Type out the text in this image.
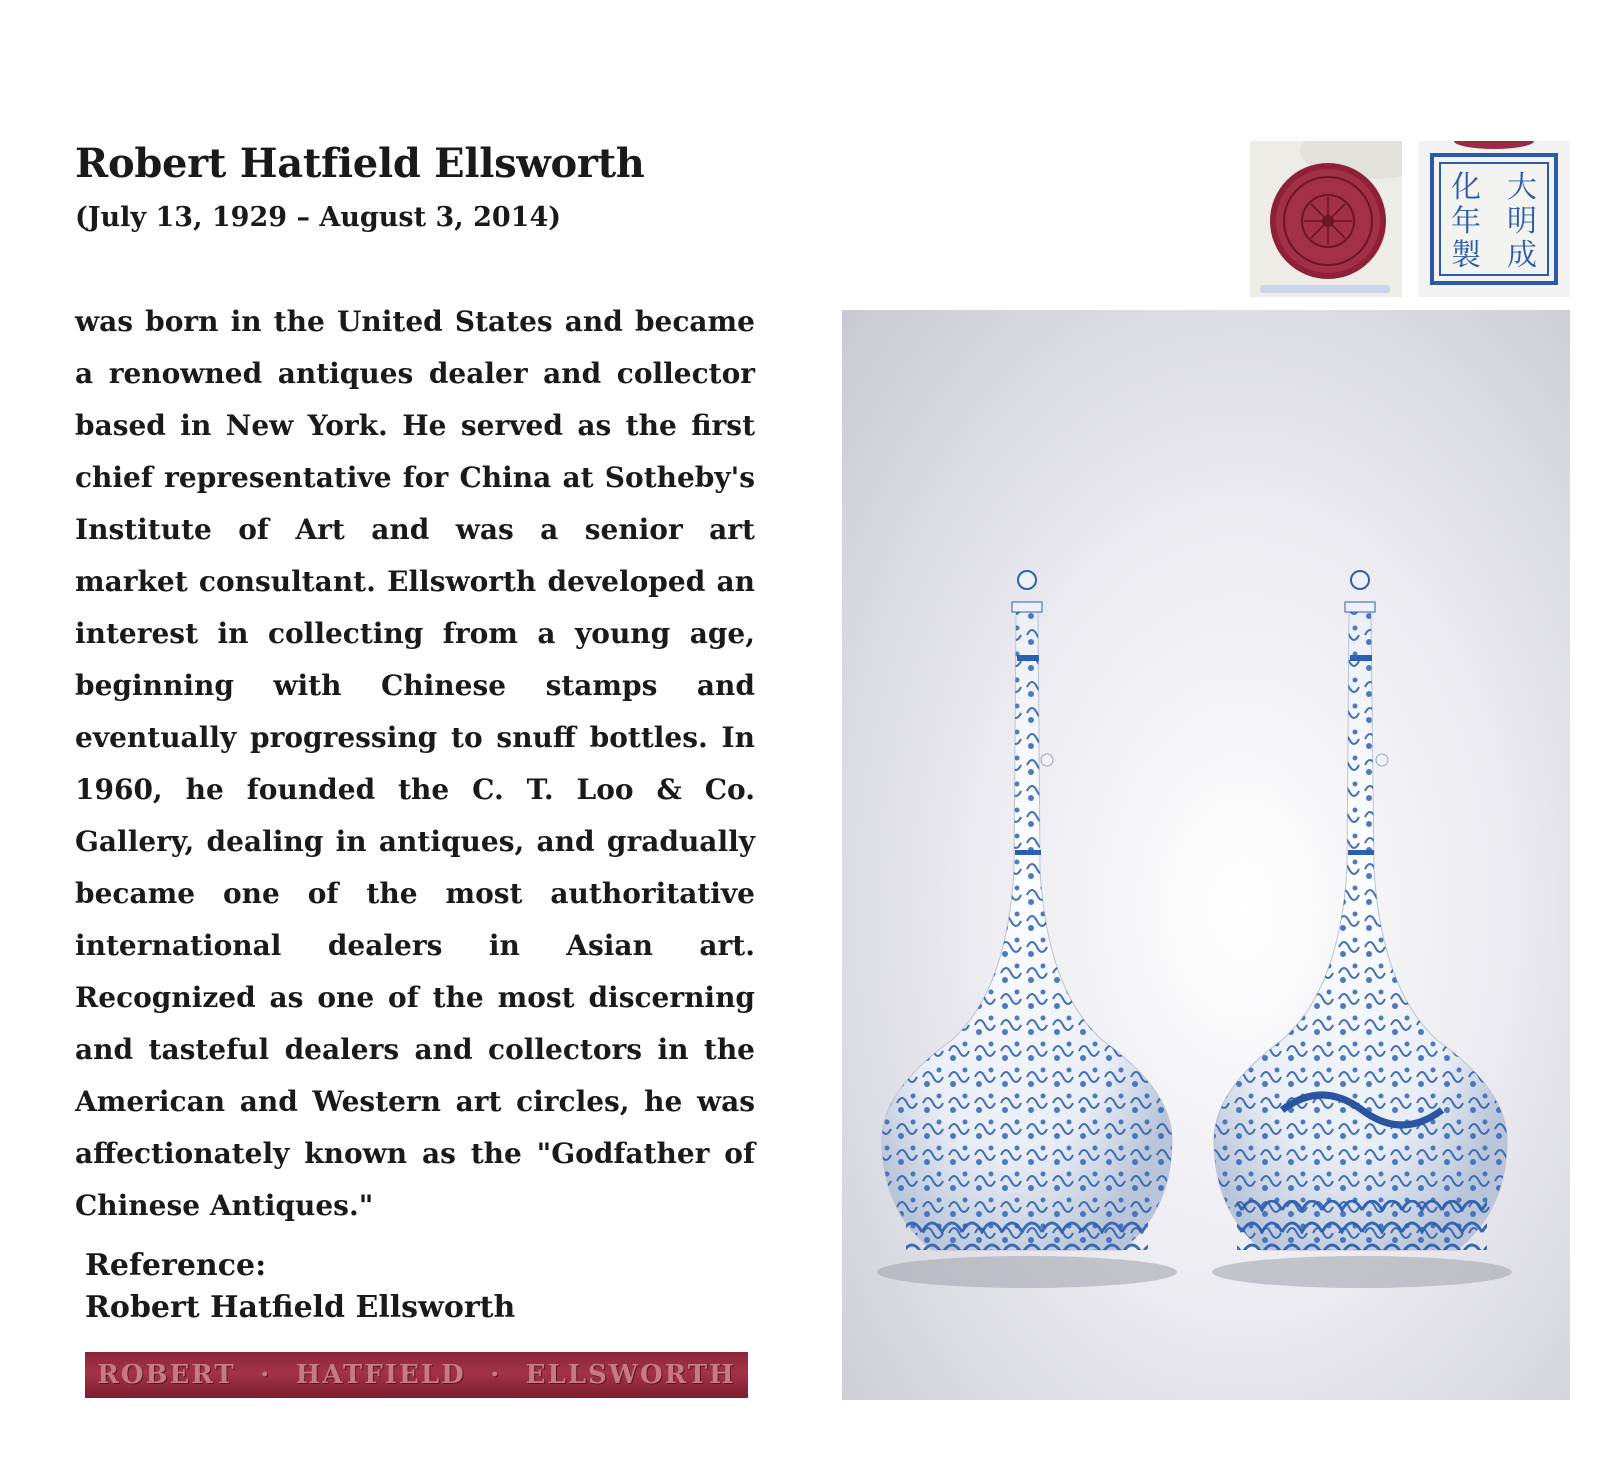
Robert Hatfield Ellsworth
(July 13, 1929 – August 3, 2014)
was born in the United States and became a renowned antiques dealer and collector based in New York. He served as the first chief representative for China at Sotheby's Institute of Art and was a senior art market consultant. Ellsworth developed an interest in collecting from a young age, beginning with Chinese stamps and eventually progressing to snuff bottles. In 1960, he founded the C. T. Loo & Co. Gallery, dealing in antiques, and gradually became one of the most authoritative international dealers in Asian art. Recognized as one of the most discerning and tasteful dealers and collectors in the American and Western art circles, he was affectionately known as the "Godfather of Chinese Antiques."
Reference:
Robert Hatfield Ellsworth
ROBERT · HATFIELD · ELLSWORTH
大
明
成
化
年
製
